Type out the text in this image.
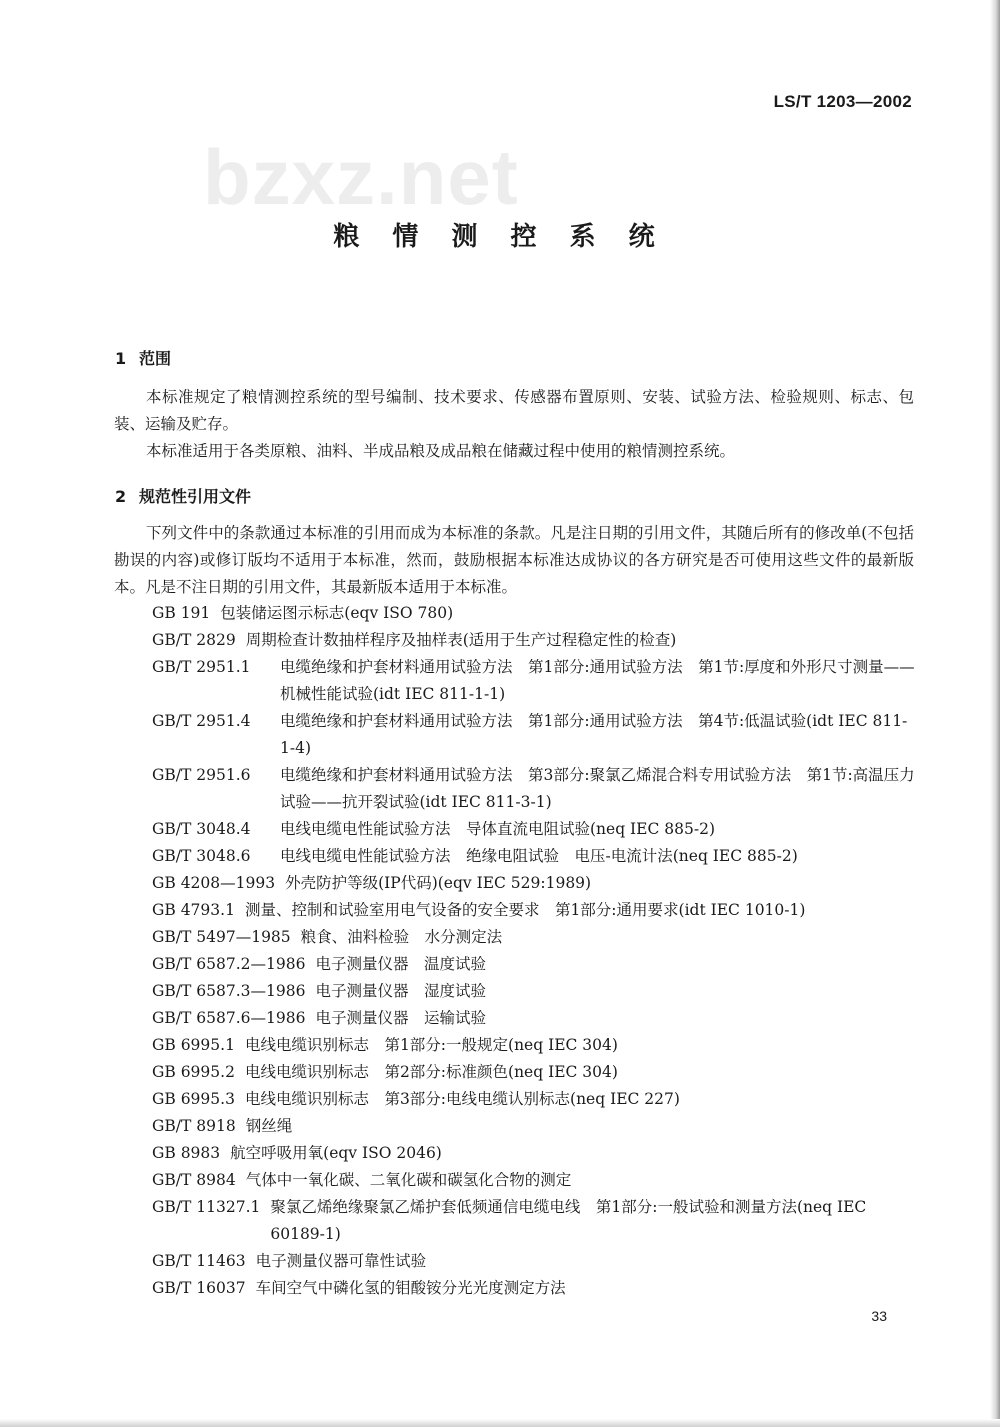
LS/T 1203—2002
bzxz.net
粮 情 测 控 系 统
1 范围
本标准规定了粮情测控系统的型号编制、技术要求、传感器布置原则、安装、试验方法、检验规则、标志、包装、运输及贮存。
本标准适用于各类原粮、油料、半成品粮及成品粮在储藏过程中使用的粮情测控系统。
2 规范性引用文件
下列文件中的条款通过本标准的引用而成为本标准的条款。凡是注日期的引用文件，其随后所有的修改单(不包括勘误的内容)或修订版均不适用于本标准，然而，鼓励根据本标准达成协议的各方研究是否可使用这些文件的最新版本。凡是不注日期的引用文件，其最新版本适用于本标准。
GB 191 包装储运图示标志(eqv ISO 780)
GB/T 2829 周期检查计数抽样程序及抽样表(适用于生产过程稳定性的检查)
GB/T 2951.1	电缆绝缘和护套材料通用试验方法　第1部分:通用试验方法　第1节:厚度和外形尺寸测量——机械性能试验(idt IEC 811-1-1)
GB/T 2951.4	电缆绝缘和护套材料通用试验方法　第1部分:通用试验方法　第4节:低温试验(idt IEC 811-1-4)
GB/T 2951.6	电缆绝缘和护套材料通用试验方法　第3部分:聚氯乙烯混合料专用试验方法　第1节:高温压力试验——抗开裂试验(idt IEC 811-3-1)
GB/T 3048.4	电线电缆电性能试验方法　导体直流电阻试验(neq IEC 885-2)
GB/T 3048.6	电线电缆电性能试验方法　绝缘电阻试验　电压-电流计法(neq IEC 885-2)
GB 4208—1993 外壳防护等级(IP代码)(eqv IEC 529:1989)
GB 4793.1 测量、控制和试验室用电气设备的安全要求　第1部分:通用要求(idt IEC 1010-1)
GB/T 5497—1985 粮食、油料检验　水分测定法
GB/T 6587.2—1986 电子测量仪器　温度试验
GB/T 6587.3—1986 电子测量仪器　湿度试验
GB/T 6587.6—1986 电子测量仪器　运输试验
GB 6995.1 电线电缆识别标志　第1部分:一般规定(neq IEC 304)
GB 6995.2 电线电缆识别标志　第2部分:标准颜色(neq IEC 304)
GB 6995.3 电线电缆识别标志　第3部分:电线电缆认别标志(neq IEC 227)
GB/T 8918 钢丝绳
GB 8983 航空呼吸用氧(eqv ISO 2046)
GB/T 8984 气体中一氧化碳、二氧化碳和碳氢化合物的测定
GB/T 11327.1 聚氯乙烯绝缘聚氯乙烯护套低频通信电缆电线　第1部分:一般试验和测量方法(neq IEC 60189-1)
GB/T 11463 电子测量仪器可靠性试验
GB/T 16037 车间空气中磷化氢的钼酸铵分光光度测定方法
33
